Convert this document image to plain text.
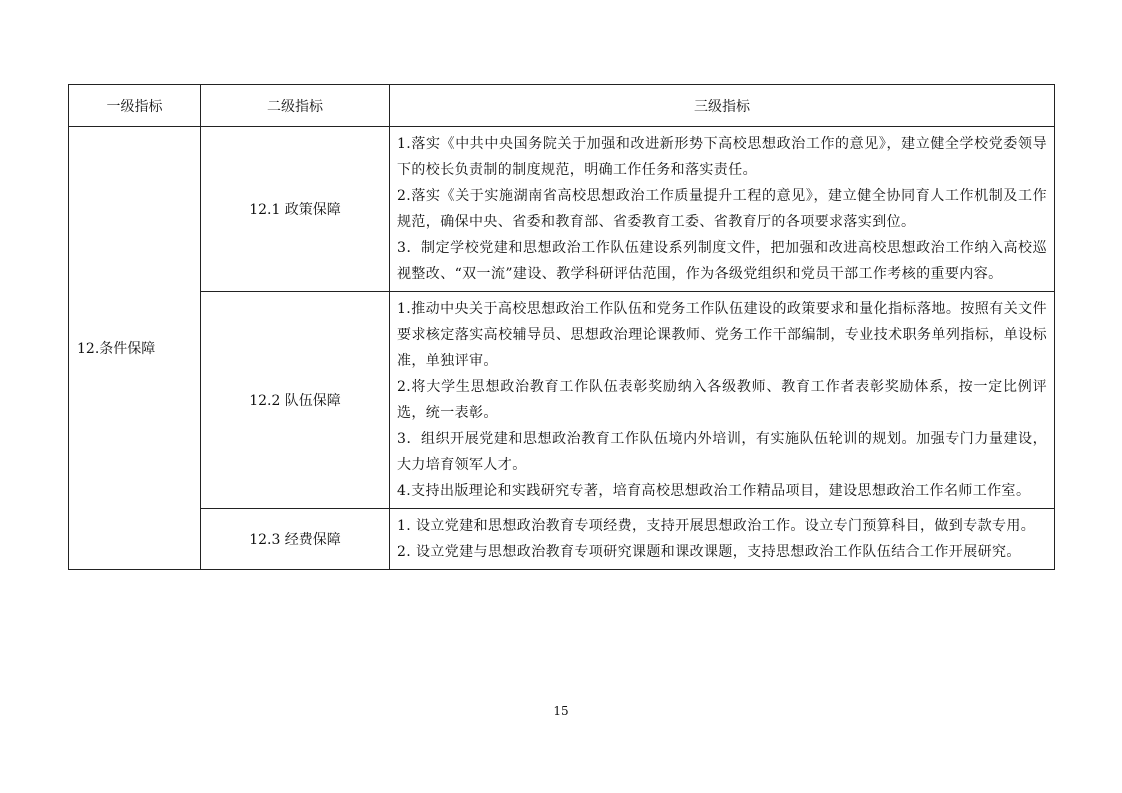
一级指标	二级指标	三级指标
12.条件保障	12.1 政策保障	1.落实《中共中央国务院关于加强和改进新形势下高校思想政治工作的意见》，建立健全学校党委领导下的校长负责制的制度规范，明确工作任务和落实责任。

2.落实《关于实施湖南省高校思想政治工作质量提升工程的意见》，建立健全协同育人工作机制及工作规范，确保中央、省委和教育部、省委教育工委、省教育厅的各项要求落实到位。

3．制定学校党建和思想政治工作队伍建设系列制度文件，把加强和改进高校思想政治工作纳入高校巡视整改、“双一流”建设、教学科研评估范围，作为各级党组织和党员干部工作考核的重要内容。

	12.2 队伍保障	1.推动中央关于高校思想政治工作队伍和党务工作队伍建设的政策要求和量化指标落地。按照有关文件要求核定落实高校辅导员、思想政治理论课教师、党务工作干部编制，专业技术职务单列指标，单设标准，单独评审。

2.将大学生思想政治教育工作队伍表彰奖励纳入各级教师、教育工作者表彰奖励体系，按一定比例评选，统一表彰。

3．组织开展党建和思想政治教育工作队伍境内外培训，有实施队伍轮训的规划。加强专门力量建设，大力培育领军人才。

4.支持出版理论和实践研究专著，培育高校思想政治工作精品项目，建设思想政治工作名师工作室。

	12.3 经费保障	1. 设立党建和思想政治教育专项经费，支持开展思想政治工作。设立专门预算科目，做到专款专用。

2. 设立党建与思想政治教育专项研究课题和课改课题，支持思想政治工作队伍结合工作开展研究。

15
